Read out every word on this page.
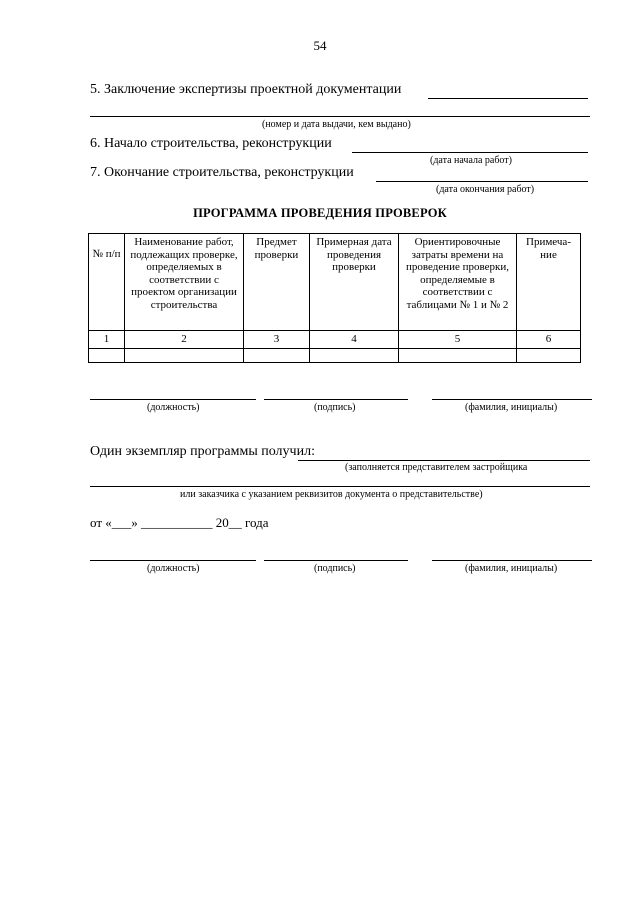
54
5. Заключение экспертизы проектной документации
(номер и дата выдачи, кем выдано)
6. Начало строительства, реконструкции
(дата начала работ)
7. Окончание строительства, реконструкции
(дата окончания работ)
ПРОГРАММА ПРОВЕДЕНИЯ ПРОВЕРОК
№ п/п	Наименование работ, подлежащих проверке, определяемых в соответствии с проектом организации строительства	Предмет проверки	Примерная дата проведения проверки	Ориентировочные затраты времени на проведение проверки, определяемые в соответствии с таблицами № 1 и № 2	Примеча-ние
1	2	3	4	5	6

(должность)	(подпись)	(фамилия, инициалы)
Один экземпляр программы получил:
(заполняется представителем застройщика
или заказчика с указанием реквизитов документа о представительстве)
от «___» ___________ 20__ года
(должность)	(подпись)	(фамилия, инициалы)
